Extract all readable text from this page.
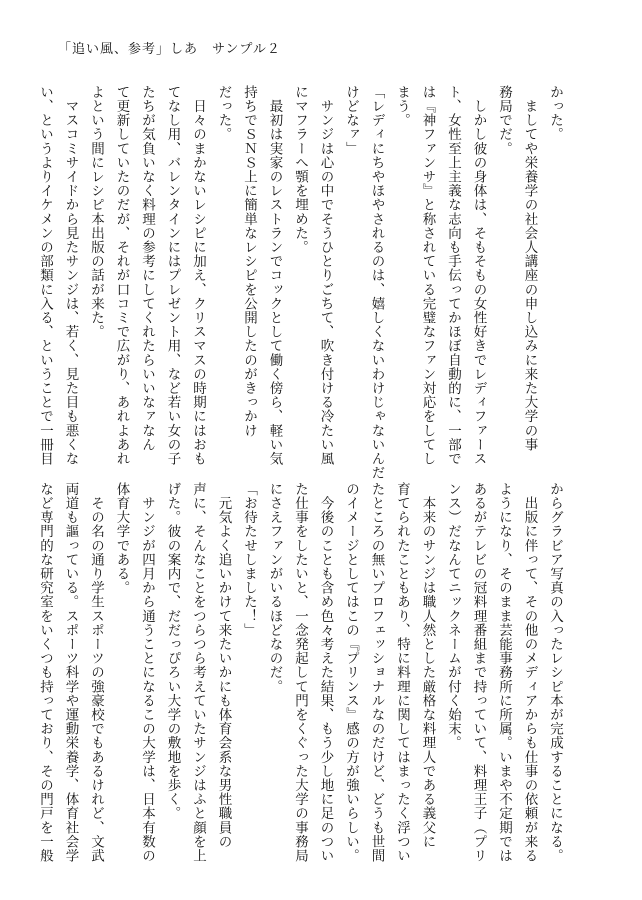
「追い風、参考」しあ　サンプル２

かった。

　ましてや栄養学の社会人講座の申し込みに来た大学の事

務局でだ。

　しかし彼の身体は、そもそもの女性好きでレディファース

ト、女性至上主義な志向も手伝ってかほぼ自動的に、一部で

は『神ファンサ』と称されている完璧なファン対応をしてし

まう。

「レディにちやほやされるのは、嬉しくないわけじゃないんだ

けどなァ」

　サンジは心の中でそうひとりごちて、吹き付ける冷たい風

にマフラーへ顎を埋めた。

　最初は実家のレストランでコックとして働く傍ら、軽い気

持ちでＳＮＳ上に簡単なレシピを公開したのがきっかけ

だった。

　日々のまかないレシピに加え、クリスマスの時期にはおも

てなし用、バレンタインにはプレゼント用、など若い女の子

たちが気負いなく料理の参考にしてくれたらいいなァなん

て更新していたのだが、それが口コミで広がり、あれよあれ

よという間にレシピ本出版の話が来た。

　マスコミサイドから見たサンジは、若く、見た目も悪くな

い、というよりイケメンの部類に入る、ということで一冊目

からグラビア写真の入ったレシピ本が完成することになる。

　出版に伴って、その他のメディアからも仕事の依頼が来る

ようになり、そのまま芸能事務所に所属。いまや不定期では

あるがテレビの冠料理番組まで持っていて、料理王子（プリ

ンス）だなんてニックネームが付く始末。

　本来のサンジは職人然とした厳格な料理人である義父に

育てられたこともあり、特に料理に関してはまったく浮つい

たところの無いプロフェッショナルなのだけど、どうも世間

のイメージとしてはこの『プリンス』感の方が強いらしい。

　今後のことも含め色々考えた結果、もう少し地に足のつい

た仕事をしたいと、一念発起して門をくぐった大学の事務局

にさえファンがいるほどなのだ。

「お待たせしました！」

　元気よく追いかけて来たいかにも体育会系な男性職員の

声に、そんなことをつらつら考えていたサンジはふと顔を上

げた。彼の案内で、だだっぴろい大学の敷地を歩く。

　サンジが四月から通うことになるこの大学は、日本有数の

体育大学である。

　その名の通り学生スポーツの強豪校でもあるけれど、文武

両道も謳っている。スポーツ科学や運動栄養学、体育社会学

など専門的な研究室をいくつも持っており、その門戸を一般
